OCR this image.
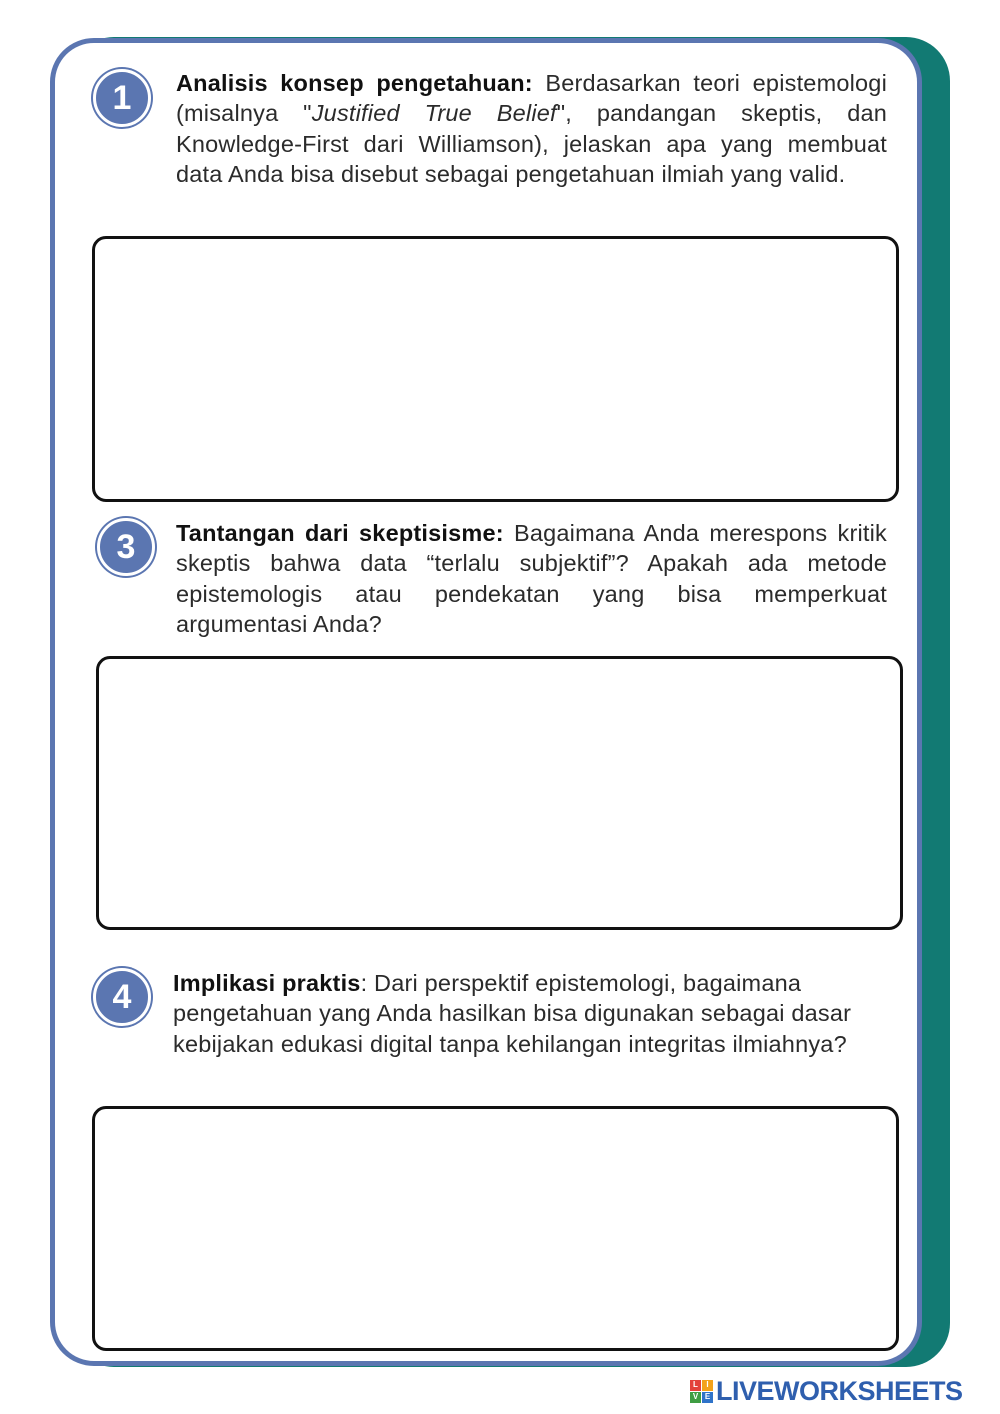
1 Analisis konsep pengetahuan: Berdasarkan teori epistemologi (misalnya "Justified True Belief", pandangan skeptis, dan Knowledge-First dari Williamson), jelaskan apa yang membuat data Anda bisa disebut sebagai pengetahuan ilmiah yang valid.
3 Tantangan dari skeptisisme: Bagaimana Anda merespons kritik skeptis bahwa data “terlalu subjektif”? Apakah ada metode epistemologis atau pendekatan yang bisa memperkuat argumentasi Anda?
4 Implikasi praktis: Dari perspektif epistemologi, bagaimana pengetahuan yang Anda hasilkan bisa digunakan sebagai dasar kebijakan edukasi digital tanpa kehilangan integritas ilmiahnya?
L	I
V E LIVEWORKSHEETS
